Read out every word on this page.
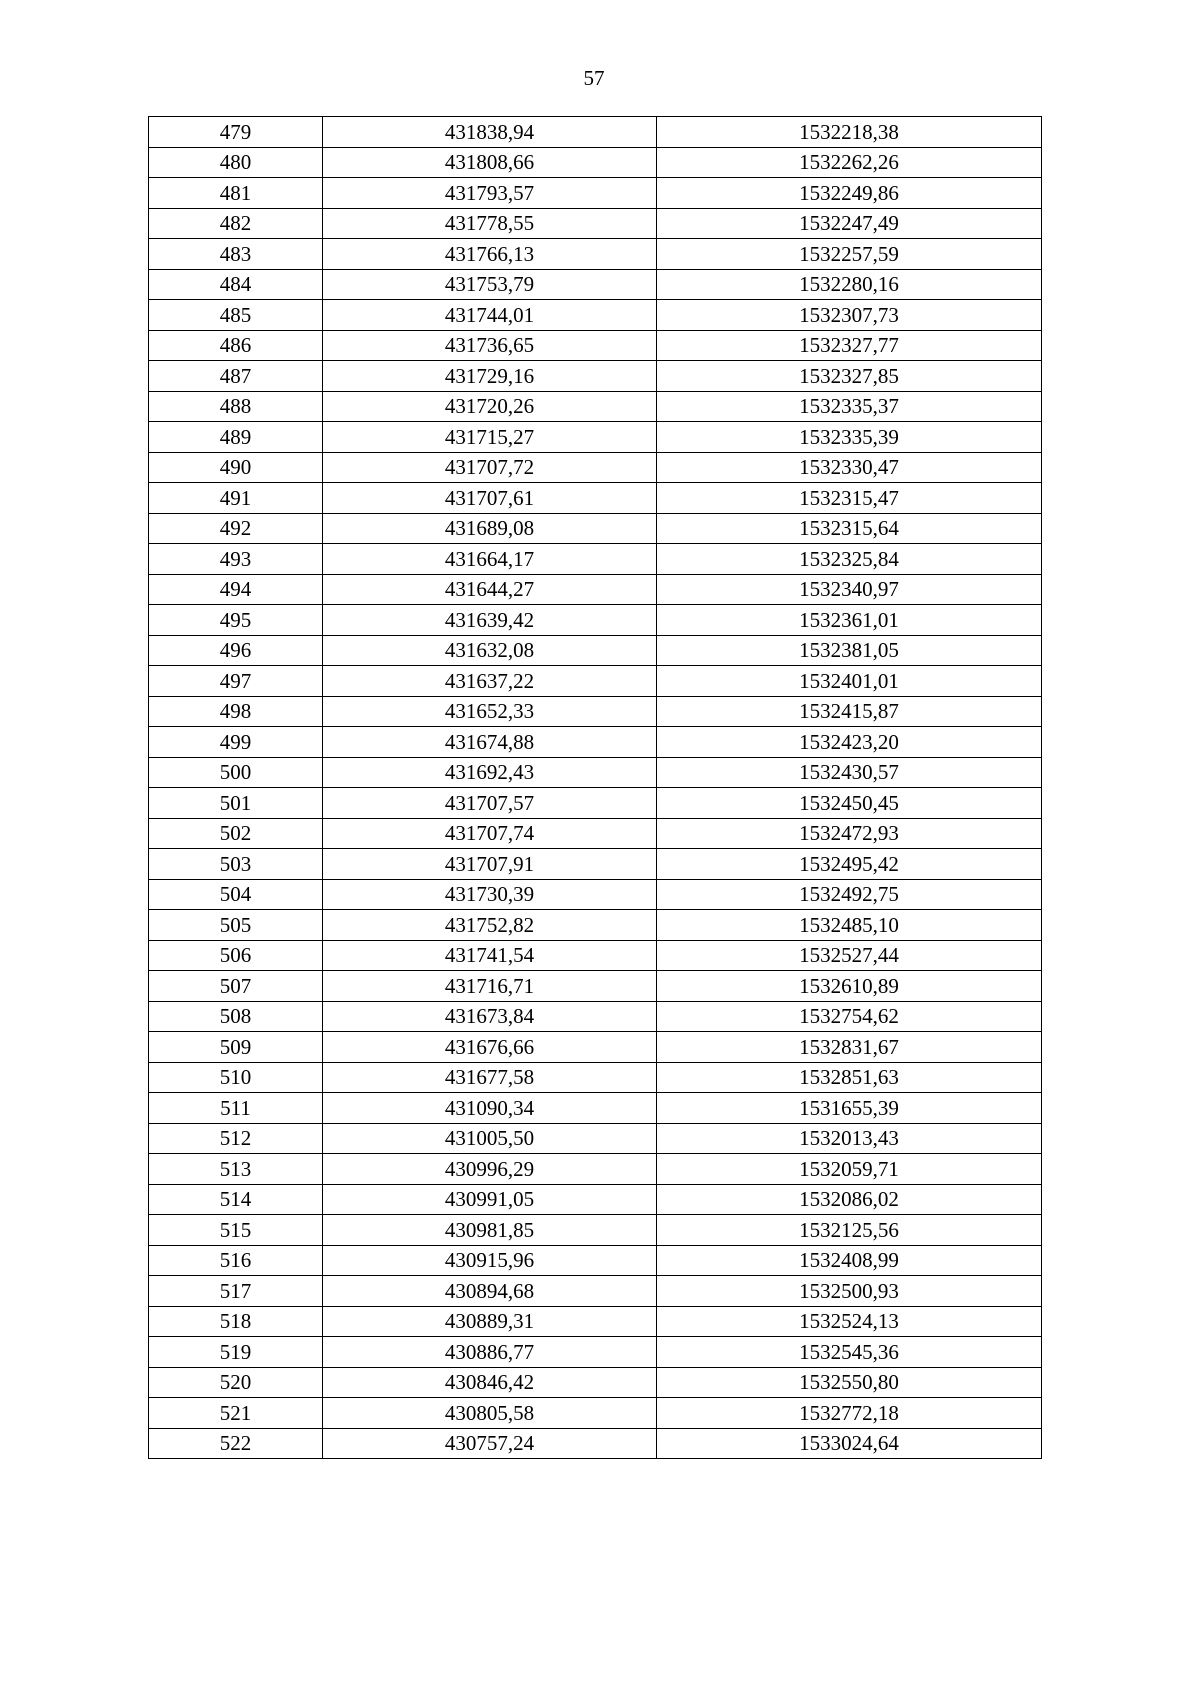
57
479	431838,94	1532218,38
480	431808,66	1532262,26
481	431793,57	1532249,86
482	431778,55	1532247,49
483	431766,13	1532257,59
484	431753,79	1532280,16
485	431744,01	1532307,73
486	431736,65	1532327,77
487	431729,16	1532327,85
488	431720,26	1532335,37
489	431715,27	1532335,39
490	431707,72	1532330,47
491	431707,61	1532315,47
492	431689,08	1532315,64
493	431664,17	1532325,84
494	431644,27	1532340,97
495	431639,42	1532361,01
496	431632,08	1532381,05
497	431637,22	1532401,01
498	431652,33	1532415,87
499	431674,88	1532423,20
500	431692,43	1532430,57
501	431707,57	1532450,45
502	431707,74	1532472,93
503	431707,91	1532495,42
504	431730,39	1532492,75
505	431752,82	1532485,10
506	431741,54	1532527,44
507	431716,71	1532610,89
508	431673,84	1532754,62
509	431676,66	1532831,67
510	431677,58	1532851,63
511	431090,34	1531655,39
512	431005,50	1532013,43
513	430996,29	1532059,71
514	430991,05	1532086,02
515	430981,85	1532125,56
516	430915,96	1532408,99
517	430894,68	1532500,93
518	430889,31	1532524,13
519	430886,77	1532545,36
520	430846,42	1532550,80
521	430805,58	1532772,18
522	430757,24	1533024,64
